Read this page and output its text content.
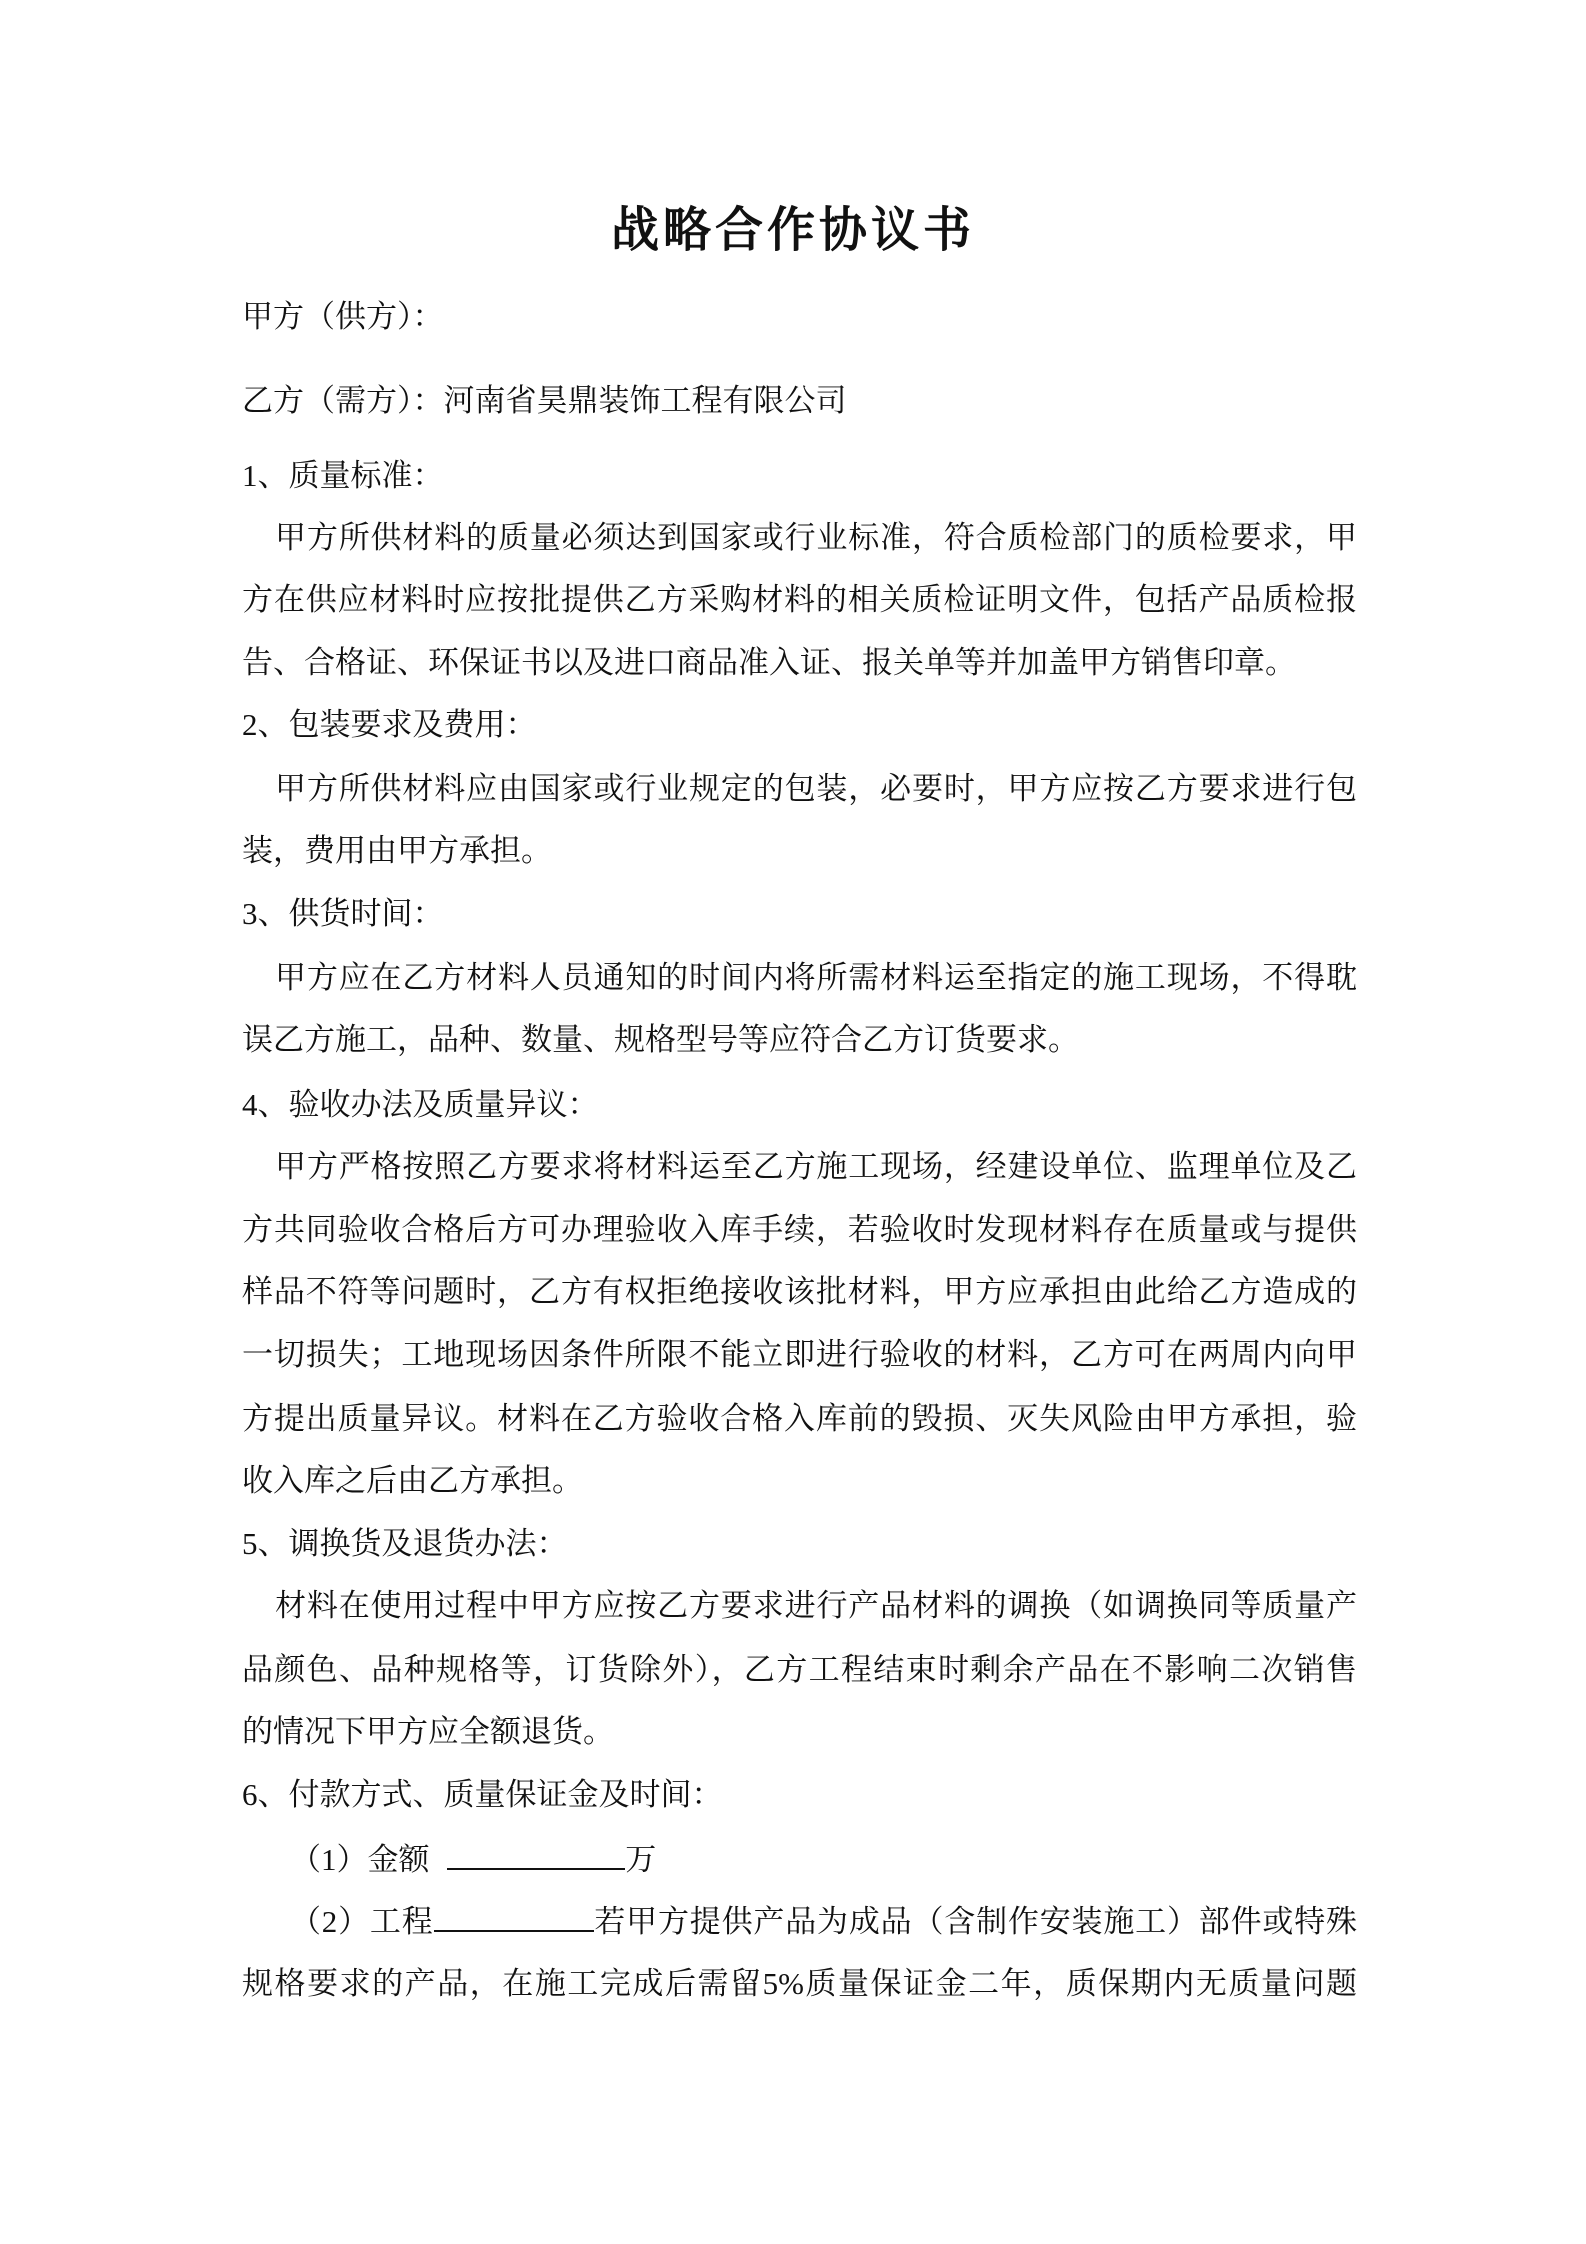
战略合作协议书
甲方（供方）：
乙方（需方）：河南省昊鼎装饰工程有限公司
1、质量标准：
甲方所供材料的质量必须达到国家或行业标准，符合质检部门的质检要求，甲
方在供应材料时应按批提供乙方采购材料的相关质检证明文件，包括产品质检报
告、合格证、环保证书以及进口商品准入证、报关单等并加盖甲方销售印章。
2、包装要求及费用：
甲方所供材料应由国家或行业规定的包装，必要时，甲方应按乙方要求进行包
装，费用由甲方承担。
3、供货时间：
甲方应在乙方材料人员通知的时间内将所需材料运至指定的施工现场，不得耽
误乙方施工，品种、数量、规格型号等应符合乙方订货要求。
4、验收办法及质量异议：
甲方严格按照乙方要求将材料运至乙方施工现场，经建设单位、监理单位及乙
方共同验收合格后方可办理验收入库手续，若验收时发现材料存在质量或与提供
样品不符等问题时，乙方有权拒绝接收该批材料，甲方应承担由此给乙方造成的
一切损失；工地现场因条件所限不能立即进行验收的材料，乙方可在两周内向甲
方提出质量异议。材料在乙方验收合格入库前的毁损、灭失风险由甲方承担，验
收入库之后由乙方承担。
5、调换货及退货办法：
材料在使用过程中甲方应按乙方要求进行产品材料的调换（如调换同等质量产
品颜色、品种规格等，订货除外），乙方工程结束时剩余产品在不影响二次销售
的情况下甲方应全额退货。
6、付款方式、质量保证金及时间：
（1）金额	万
（2）工程	若甲方提供产品为成品（含制作安装施工）部件或特殊
规格要求的产品，在施工完成后需留5%质量保证金二年，质保期内无质量问题
